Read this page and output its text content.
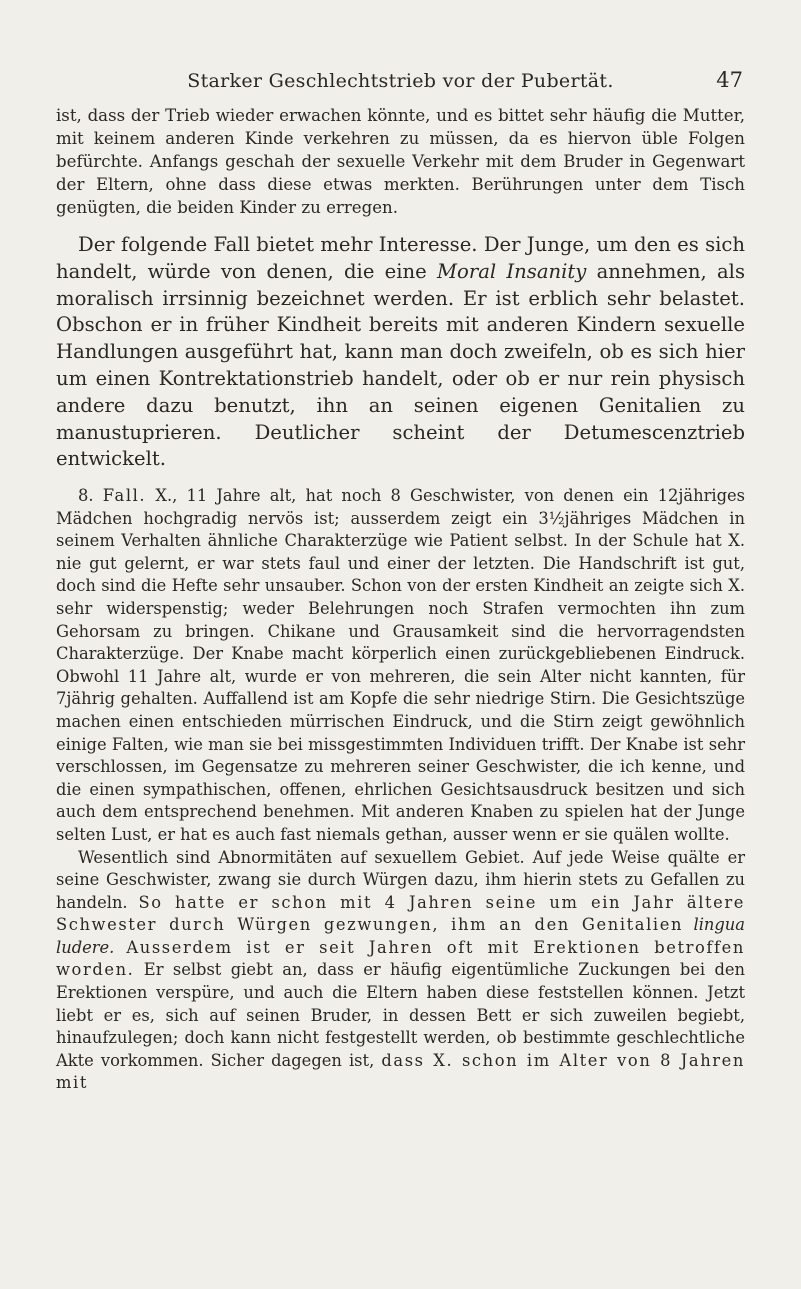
Starker Geschlechtstrieb vor der Pubertät.	47

ist, dass der Trieb wieder erwachen könnte, und es bittet sehr häufig die Mutter, mit keinem anderen Kinde verkehren zu müssen, da es hiervon üble Folgen befürchte. Anfangs geschah der sexuelle Verkehr mit dem Bruder in Gegenwart der Eltern, ohne dass diese etwas merkten. Berührungen unter dem Tisch genügten, die beiden Kinder zu erregen.

Der folgende Fall bietet mehr Interesse. Der Junge, um den es sich handelt, würde von denen, die eine Moral Insanity annehmen, als moralisch irrsinnig bezeichnet werden. Er ist erblich sehr belastet. Obschon er in früher Kindheit bereits mit anderen Kindern sexuelle Handlungen ausgeführt hat, kann man doch zweifeln, ob es sich hier um einen Kontrektationstrieb handelt, oder ob er nur rein physisch andere dazu benutzt, ihn an seinen eigenen Genitalien zu manustuprieren. Deutlicher scheint der Detumescenztrieb entwickelt.

8. Fall. X., 11 Jahre alt, hat noch 8 Geschwister, von denen ein 12jähriges Mädchen hochgradig nervös ist; ausserdem zeigt ein 3½jähriges Mädchen in seinem Verhalten ähnliche Charakterzüge wie Patient selbst. In der Schule hat X. nie gut gelernt, er war stets faul und einer der letzten. Die Handschrift ist gut, doch sind die Hefte sehr unsauber. Schon von der ersten Kindheit an zeigte sich X. sehr widerspenstig; weder Belehrungen noch Strafen vermochten ihn zum Gehorsam zu bringen. Chikane und Grausamkeit sind die hervorragendsten Charakterzüge. Der Knabe macht körperlich einen zurückgebliebenen Eindruck. Obwohl 11 Jahre alt, wurde er von mehreren, die sein Alter nicht kannten, für 7jährig gehalten. Auffallend ist am Kopfe die sehr niedrige Stirn. Die Gesichtszüge machen einen entschieden mürrischen Eindruck, und die Stirn zeigt gewöhnlich einige Falten, wie man sie bei missgestimmten Individuen trifft. Der Knabe ist sehr verschlossen, im Gegensatze zu mehreren seiner Geschwister, die ich kenne, und die einen sympathischen, offenen, ehrlichen Gesichtsausdruck besitzen und sich auch dem entsprechend benehmen. Mit anderen Knaben zu spielen hat der Junge selten Lust, er hat es auch fast niemals gethan, ausser wenn er sie quälen wollte.

Wesentlich sind Abnormitäten auf sexuellem Gebiet. Auf jede Weise quälte er seine Geschwister, zwang sie durch Würgen dazu, ihm hierin stets zu Gefallen zu handeln. So hatte er schon mit 4 Jahren seine um ein Jahr ältere Schwester durch Würgen gezwungen, ihm an den Genitalien lingua ludere. Ausserdem ist er seit Jahren oft mit Erektionen betroffen worden. Er selbst giebt an, dass er häufig eigentümliche Zuckungen bei den Erektionen verspüre, und auch die Eltern haben diese feststellen können. Jetzt liebt er es, sich auf seinen Bruder, in dessen Bett er sich zuweilen begiebt, hinaufzulegen; doch kann nicht festgestellt werden, ob bestimmte geschlechtliche Akte vorkommen. Sicher dagegen ist, dass X. schon im Alter von 8 Jahren mit
